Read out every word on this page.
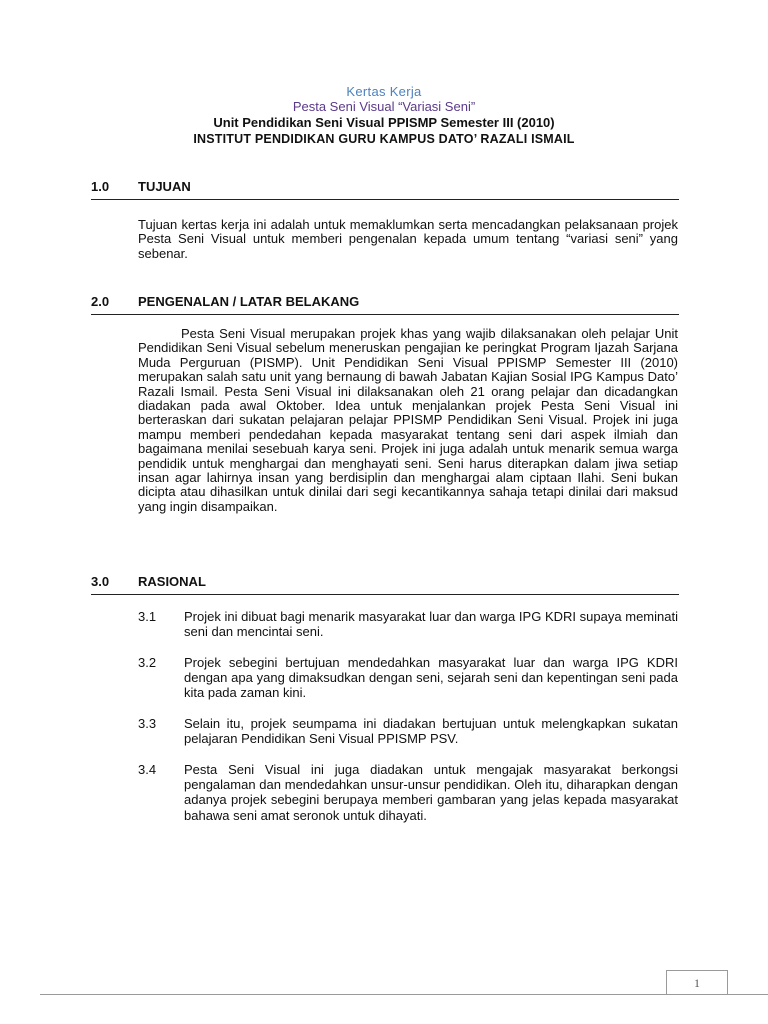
Kertas Kerja
Pesta Seni Visual “Variasi Seni”
Unit Pendidikan Seni Visual PPISMP Semester III (2010)
INSTITUT PENDIDIKAN GURU KAMPUS DATO’ RAZALI ISMAIL
1.0 TUJUAN
Tujuan kertas kerja ini adalah untuk memaklumkan serta mencadangkan pelaksanaan projek Pesta Seni Visual untuk memberi pengenalan kepada umum tentang “variasi seni” yang sebenar.
2.0 PENGENALAN / LATAR BELAKANG
Pesta Seni Visual merupakan projek khas yang wajib dilaksanakan oleh pelajar Unit Pendidikan Seni Visual sebelum meneruskan pengajian ke peringkat Program Ijazah Sarjana Muda Perguruan (PISMP). Unit Pendidikan Seni Visual PPISMP Semester III (2010) merupakan salah satu unit yang bernaung di bawah Jabatan Kajian Sosial IPG Kampus Dato’ Razali Ismail. Pesta Seni Visual ini dilaksanakan oleh 21 orang pelajar dan dicadangkan diadakan pada awal Oktober. Idea untuk menjalankan projek Pesta Seni Visual ini berteraskan dari sukatan pelajaran pelajar PPISMP Pendidikan Seni Visual. Projek ini juga mampu memberi pendedahan kepada masyarakat tentang seni dari aspek ilmiah dan bagaimana menilai sesebuah karya seni. Projek ini juga adalah untuk menarik semua warga pendidik untuk menghargai dan menghayati seni. Seni harus diterapkan dalam jiwa setiap insan agar lahirnya insan yang berdisiplin dan menghargai alam ciptaan Ilahi. Seni bukan dicipta atau dihasilkan untuk dinilai dari segi kecantikannya sahaja tetapi dinilai dari maksud yang ingin disampaikan.
3.0 RASIONAL
3.1 Projek ini dibuat bagi menarik masyarakat luar dan warga IPG KDRI supaya meminati seni dan mencintai seni.
3.2 Projek sebegini bertujuan mendedahkan masyarakat luar dan warga IPG KDRI dengan apa yang dimaksudkan dengan seni, sejarah seni dan kepentingan seni pada kita pada zaman kini.
3.3 Selain itu, projek seumpama ini diadakan bertujuan untuk melengkapkan sukatan pelajaran Pendidikan Seni Visual PPISMP PSV.
3.4 Pesta Seni Visual ini juga diadakan untuk mengajak masyarakat berkongsi pengalaman dan mendedahkan unsur-unsur pendidikan. Oleh itu, diharapkan dengan adanya projek sebegini berupaya memberi gambaran yang jelas kepada masyarakat bahawa seni amat seronok untuk dihayati.
1
